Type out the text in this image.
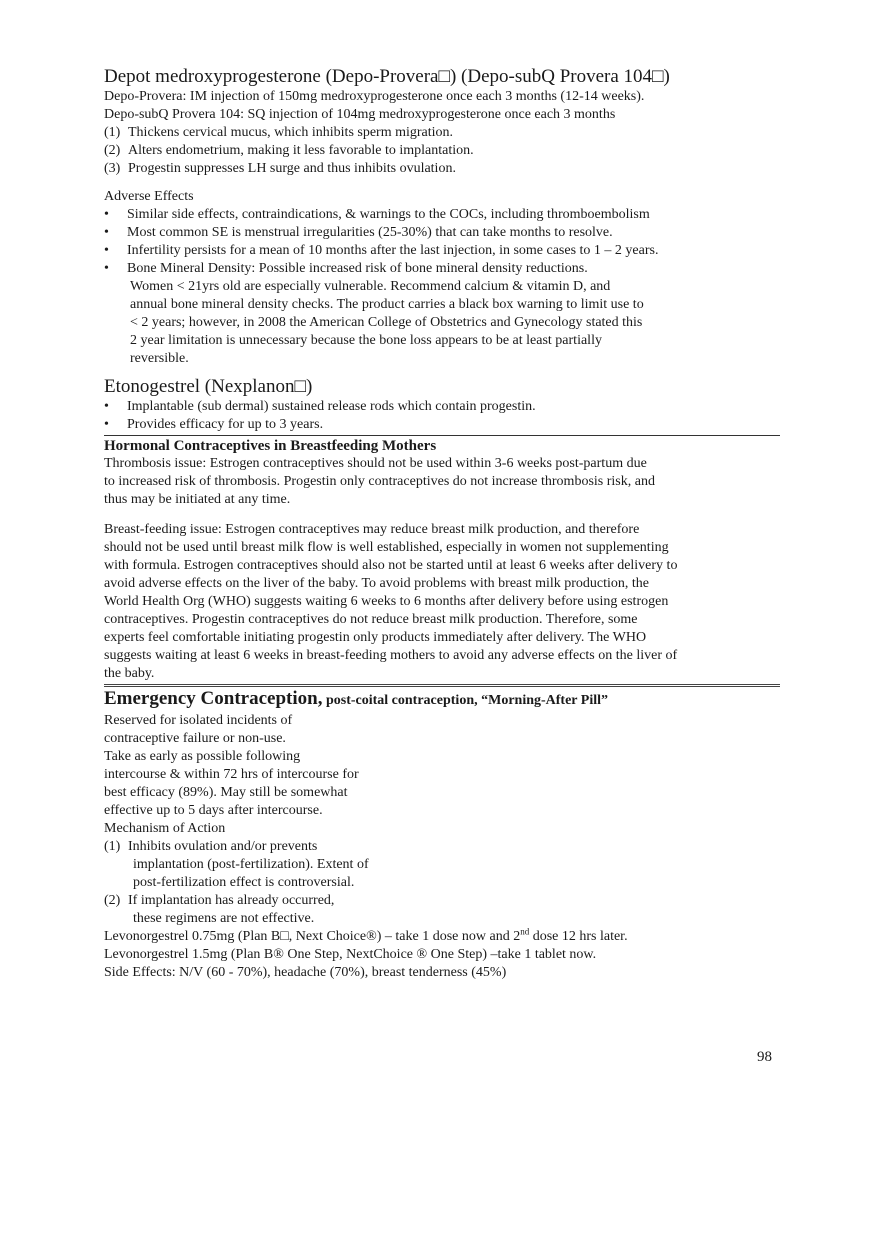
Depot medroxyprogesterone (Depo-Provera□) (Depo-subQ Provera 104□)

Depo-Provera: IM injection of 150mg medroxyprogesterone once each 3 months (12-14 weeks).

Depo-subQ Provera 104: SQ injection of 104mg medroxyprogesterone once each 3 months

(1) Thickens cervical mucus, which inhibits sperm migration.
(2) Alters endometrium, making it less favorable to implantation.
(3) Progestin suppresses LH surge and thus inhibits ovulation.

Adverse Effects

•	Similar side effects, contraindications, & warnings to the COCs, including thromboembolism
•	Most common SE is menstrual irregularities (25-30%) that can take months to resolve.
•	Infertility persists for a mean of 10 months after the last injection, in some cases to 1 – 2 years.
•	Bone Mineral Density: Possible increased risk of bone mineral density reductions.
Women < 21yrs old are especially vulnerable. Recommend calcium & vitamin D, and
annual bone mineral density checks. The product carries a black box warning to limit use to
< 2 years; however, in 2008 the American College of Obstetrics and Gynecology stated this
2 year limitation is unnecessary because the bone loss appears to be at least partially
reversible.
Etonogestrel (Nexplanon□)
•	Implantable (sub dermal) sustained release rods which contain progestin.
•	Provides efficacy for up to 3 years.
Hormonal Contraceptives in Breastfeeding Mothers

Thrombosis issue: Estrogen contraceptives should not be used within 3-6 weeks post-partum due

to increased risk of thrombosis. Progestin only contraceptives do not increase thrombosis risk, and

thus may be initiated at any time.

Breast-feeding issue: Estrogen contraceptives may reduce breast milk production, and therefore

should not be used until breast milk flow is well established, especially in women not supplementing

with formula. Estrogen contraceptives should also not be started until at least 6 weeks after delivery to

avoid adverse effects on the liver of the baby. To avoid problems with breast milk production, the

World Health Org (WHO) suggests waiting 6 weeks to 6 months after delivery before using estrogen

contraceptives. Progestin contraceptives do not reduce breast milk production. Therefore, some

experts feel comfortable initiating progestin only products immediately after delivery. The WHO

suggests waiting at least 6 weeks in breast-feeding mothers to avoid any adverse effects on the liver of

the baby.

Emergency Contraception, post-coital contraception, “Morning-After Pill”

Reserved for isolated incidents of

contraceptive failure or non-use.

Take as early as possible following

intercourse & within 72 hrs of intercourse for

best efficacy (89%). May still be somewhat

effective up to 5 days after intercourse.

Mechanism of Action

(1) Inhibits ovulation and/or prevents
implantation (post-fertilization). Extent of
post-fertilization effect is controversial.
(2) If implantation has already occurred,
these regimens are not effective.

Levonorgestrel 0.75mg (Plan B□, Next Choice®) – take 1 dose now and 2nd dose 12 hrs later.

Levonorgestrel 1.5mg (Plan B® One Step, NextChoice ® One Step) –take 1 tablet now.

Side Effects: N/V (60 - 70%), headache (70%), breast tenderness (45%)

98
